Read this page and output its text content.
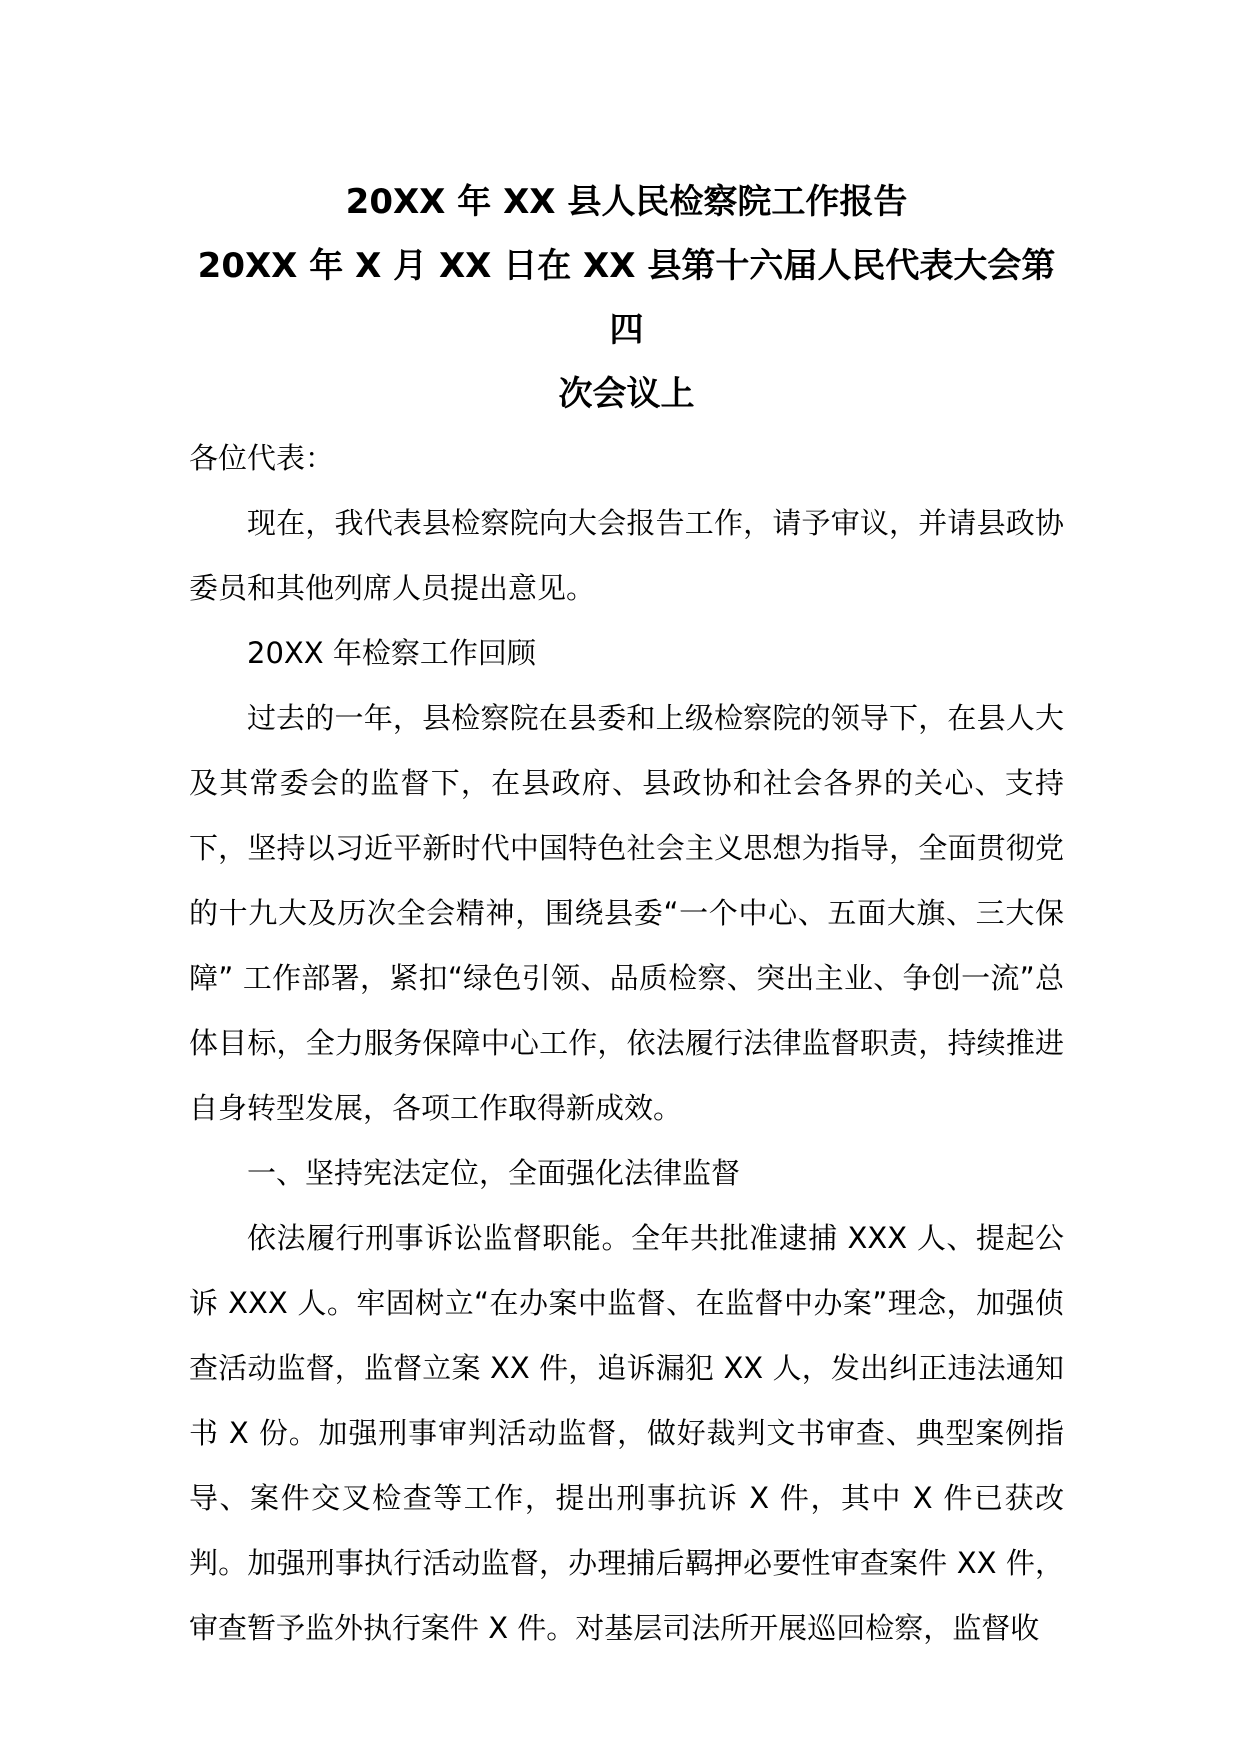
20XX 年 XX 县人民检察院工作报告
20XX 年 X 月 XX 日在 XX 县第十六届人民代表大会第四
次会议上

各位代表：

现在，我代表县检察院向大会报告工作，请予审议，并请县政协委员和其他列席人员提出意见。

20XX 年检察工作回顾

过去的一年，县检察院在县委和上级检察院的领导下，在县人大及其常委会的监督下，在县政府、县政协和社会各界的关心、支持下，坚持以习近平新时代中国特色社会主义思想为指导，全面贯彻党的十九大及历次全会精神，围绕县委“一个中心、五面大旗、三大保障” 工作部署，紧扣“绿色引领、品质检察、突出主业、争创一流”总体目标，全力服务保障中心工作，依法履行法律监督职责，持续推进自身转型发展，各项工作取得新成效。

一、坚持宪法定位，全面强化法律监督

依法履行刑事诉讼监督职能。全年共批准逮捕 XXX 人、提起公诉 XXX 人。牢固树立“在办案中监督、在监督中办案”理念，加强侦查活动监督，监督立案 XX 件，追诉漏犯 XX 人，发出纠正违法通知书 X 份。加强刑事审判活动监督，做好裁判文书审查、典型案例指导、案件交叉检查等工作，提出刑事抗诉 X 件，其中 X 件已获改判。加强刑事执行活动监督，办理捕后羁押必要性审查案件 XX 件，审查暂予监外执行案件 X 件。对基层司法所开展巡回检察，监督收
